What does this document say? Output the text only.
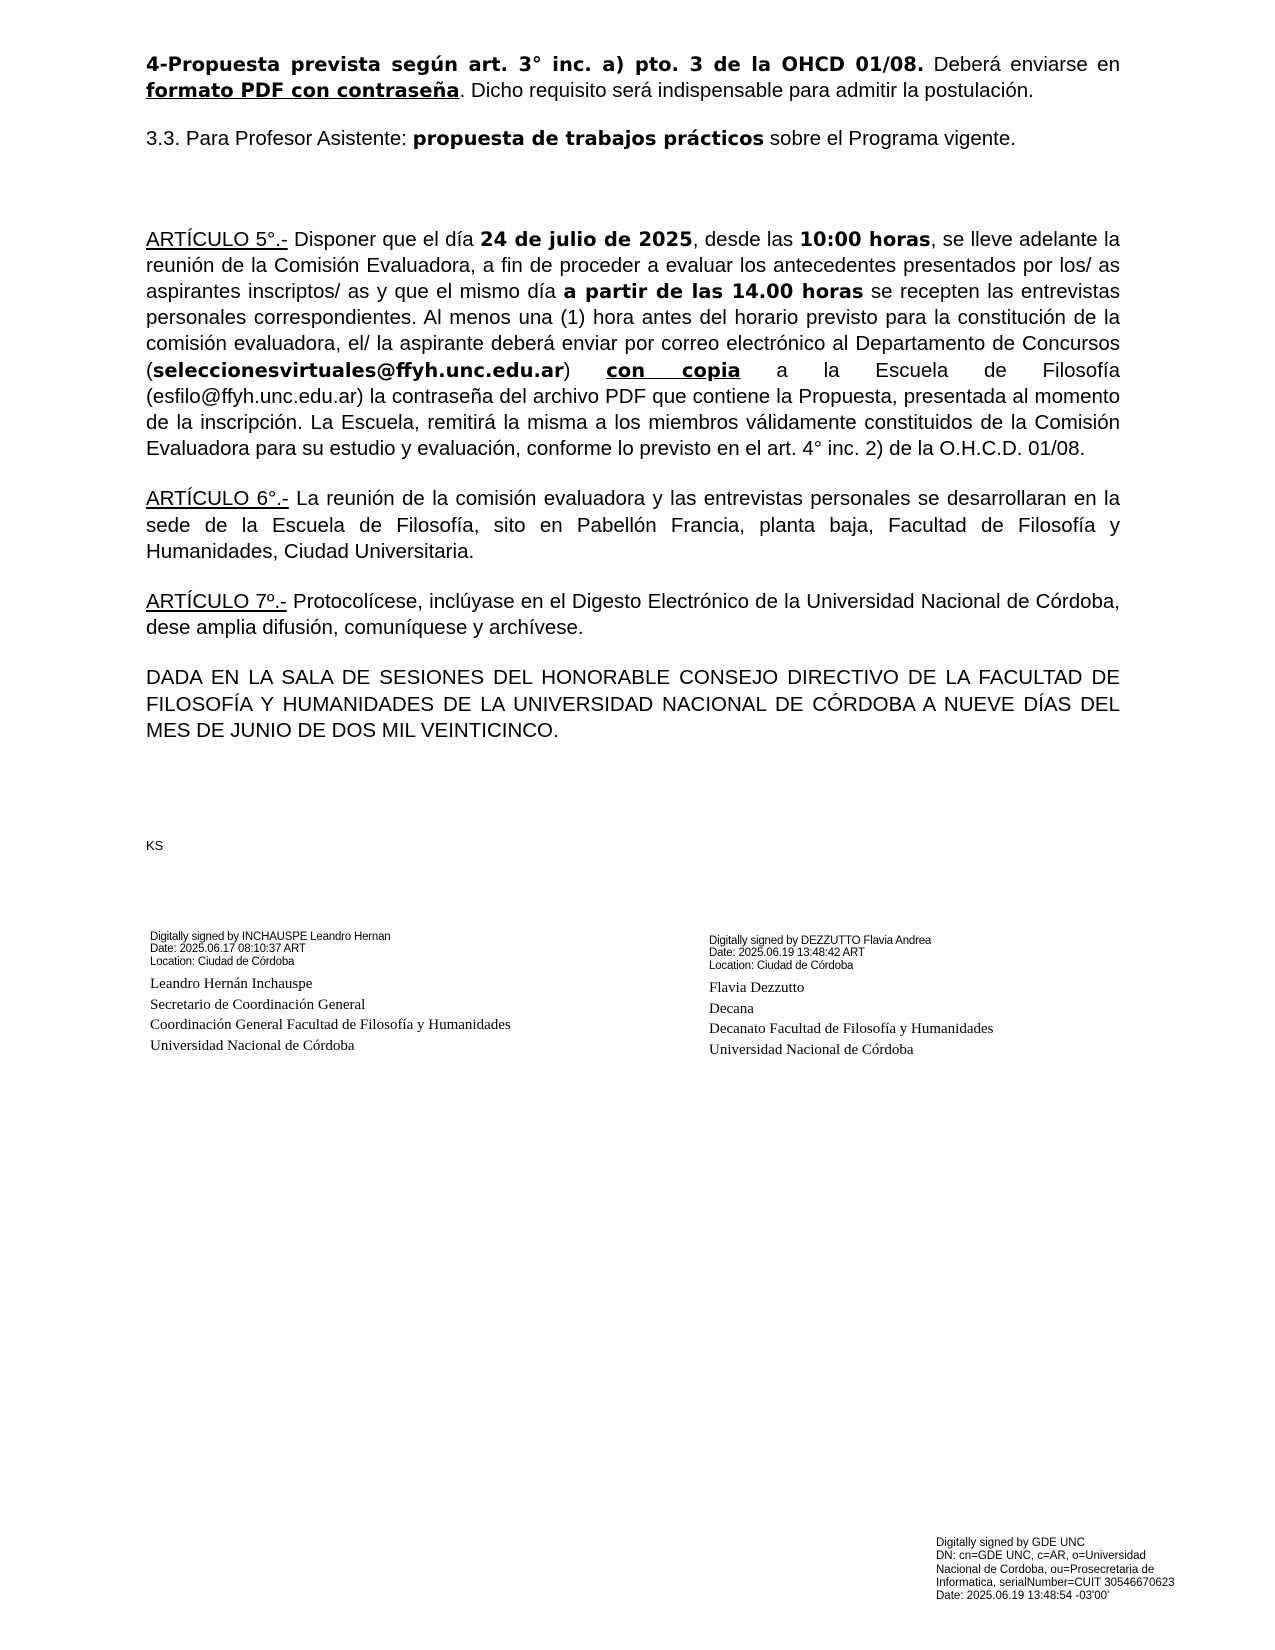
4-Propuesta prevista según art. 3° inc. a) pto. 3 de la OHCD 01/08. Deberá enviarse en formato PDF con contraseña. Dicho requisito será indispensable para admitir la postulación.

3.3. Para Profesor Asistente: propuesta de trabajos prácticos sobre el Programa vigente.

ARTÍCULO 5°.- Disponer que el día 24 de julio de 2025, desde las 10:00 horas, se lleve adelante la reunión de la Comisión Evaluadora, a fin de proceder a evaluar los antecedentes presentados por los/ as aspirantes inscriptos/ as y que el mismo día a partir de las 14.00 horas se recepten las entrevistas personales correspondientes. Al menos una (1) hora antes del horario previsto para la constitución de la comisión evaluadora, el/ la aspirante deberá enviar por correo electrónico al Departamento de Concursos (seleccionesvirtuales@ffyh.unc.edu.ar) con copia a la Escuela de Filosofía (esfilo@ffyh.unc.edu.ar) la contraseña del archivo PDF que contiene la Propuesta, presentada al momento de la inscripción. La Escuela, remitirá la misma a los miembros válidamente constituidos de la Comisión Evaluadora para su estudio y evaluación, conforme lo previsto en el art. 4° inc. 2) de la O.H.C.D. 01/08.

ARTÍCULO 6°.- La reunión de la comisión evaluadora y las entrevistas personales se desarrollaran en la sede de la Escuela de Filosofía, sito en Pabellón Francia, planta baja, Facultad de Filosofía y Humanidades, Ciudad Universitaria.

ARTÍCULO 7º.- Protocolícese, inclúyase en el Digesto Electrónico de la Universidad Nacional de Córdoba, dese amplia difusión, comuníquese y archívese.

DADA EN LA SALA DE SESIONES DEL HONORABLE CONSEJO DIRECTIVO DE LA FACULTAD DE FILOSOFÍA Y HUMANIDADES DE LA UNIVERSIDAD NACIONAL DE CÓRDOBA A NUEVE DÍAS DEL MES DE JUNIO DE DOS MIL VEINTICINCO.

KS
Digitally signed by INCHAUSPE Leandro Hernan
Date: 2025.06.17 08:10:37 ART
Location: Ciudad de Córdoba
Leandro Hernán Inchauspe
Secretario de Coordinación General
Coordinación General Facultad de Filosofía y Humanidades
Universidad Nacional de Córdoba
Digitally signed by DEZZUTTO Flavia Andrea
Date: 2025.06.19 13:48:42 ART
Location: Ciudad de Córdoba
Flavia Dezzutto
Decana
Decanato Facultad de Filosofía y Humanidades
Universidad Nacional de Córdoba
Digitally signed by GDE UNC
DN: cn=GDE UNC, c=AR, o=Universidad
Nacional de Cordoba, ou=Prosecretaria de
Informatica, serialNumber=CUIT 30546670623
Date: 2025.06.19 13:48:54 -03'00'
